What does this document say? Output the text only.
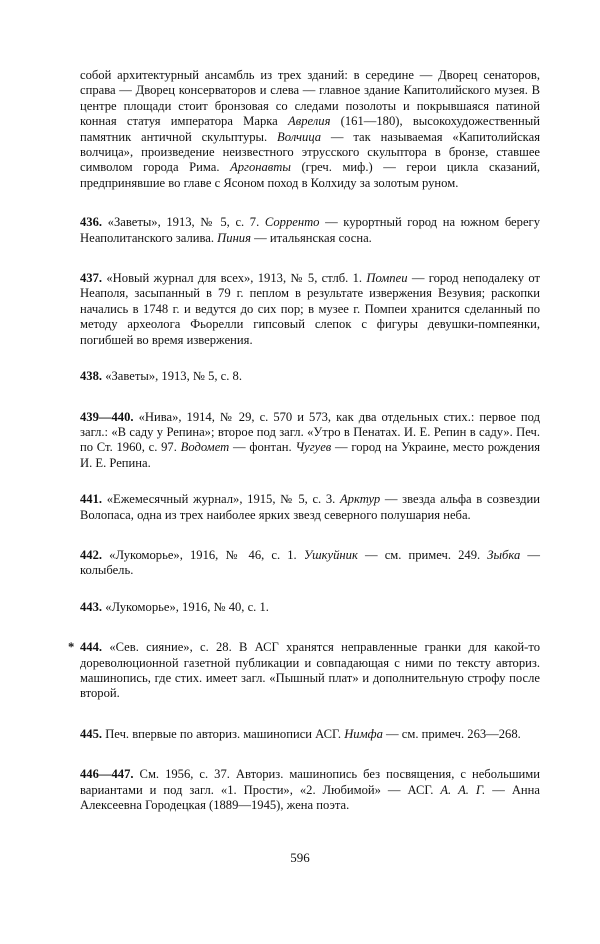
собой архитектурный ансамбль из трех зданий: в середине — Дворец сенаторов, справа — Дворец консерваторов и слева — главное здание Капитолийского музея. В центре площади стоит бронзовая со следами позолоты и покрывшаяся патиной конная статуя императора Марка Аврелия (161—180), высокохудожественный памятник античной скульптуры. Волчица — так называемая «Капитолийская волчица», произведение неизвестного этрусского скульптора в бронзе, ставшее символом города Рима. Аргонавты (греч. миф.) — герои цикла сказаний, предпринявшие во главе с Ясоном поход в Колхиду за золотым руном.

436. «Заветы», 1913, № 5, с. 7. Сорренто — курортный город на южном берегу Неаполитанского залива. Пиния — итальянская сосна.

437. «Новый журнал для всех», 1913, № 5, стлб. 1. Помпеи — город неподалеку от Неаполя, засыпанный в 79 г. пеплом в результате извержения Везувия; раскопки начались в 1748 г. и ведутся до сих пор; в музее г. Помпеи хранится сделанный по методу археолога Фьорелли гипсовый слепок с фигуры девушки-помпеянки, погибшей во время извержения.

438. «Заветы», 1913, № 5, с. 8.

439—440. «Нива», 1914, № 29, с. 570 и 573, как два отдельных стих.: первое под загл.: «В саду у Репина»; второе под загл. «Утро в Пенатах. И. Е. Репин в саду». Печ. по Ст. 1960, с. 97. Водомет — фонтан. Чугуев — город на Украине, место рождения И. Е. Репина.

441. «Ежемесячный журнал», 1915, № 5, с. 3. Арктур — звезда альфа в созвездии Волопаса, одна из трех наиболее ярких звезд северного полушария неба.

442. «Лукоморье», 1916, № 46, с. 1. Ушкуйник — см. примеч. 249. Зыбка — колыбель.

443. «Лукоморье», 1916, № 40, с. 1.

* 444. «Сев. сияние», с. 28. В АСГ хранятся неправленные гранки для какой-то дореволюционной газетной публикации и совпадающая с ними по тексту авториз. машинопись, где стих. имеет загл. «Пышный плат» и дополнительную строфу после второй.

445. Печ. впервые по авториз. машинописи АСГ. Нимфа — см. примеч. 263—268.

446—447. См. 1956, с. 37. Авториз. машинопись без посвящения, с небольшими вариантами и под загл. «1. Прости», «2. Любимой» — АСГ. А. А. Г. — Анна Алексеевна Городецкая (1889—1945), жена поэта.

596
